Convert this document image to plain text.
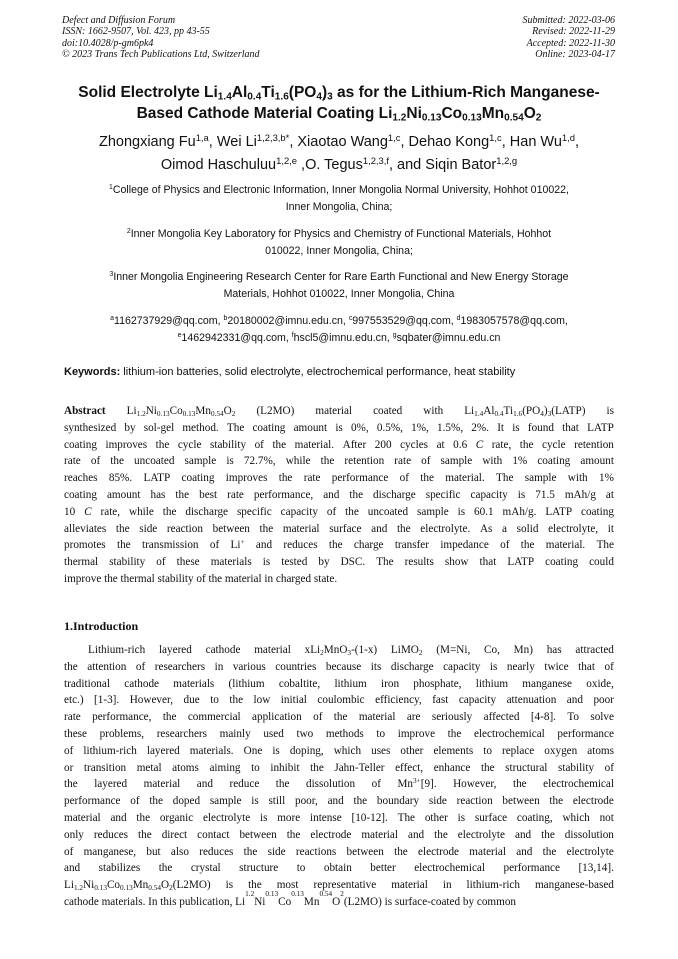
Defect and Diffusion Forum
ISSN: 1662-9507, Vol. 423, pp 43-55
doi:10.4028/p-gm6pk4
© 2023 Trans Tech Publications Ltd, Switzerland
Submitted: 2022-03-06
Revised: 2022-11-29
Accepted: 2022-11-30
Online: 2023-04-17
Solid Electrolyte $Li_{1.4}Al_{0.4}Ti_{1.6}(PO_4)_3$ as for the Lithium-Rich Manganese-
Based Cathode Material Coating $Li_{1.2}Ni_{0.13}Co_{0.13}Mn_{0.54}O_2$
Zhongxiang Fu$^{1,a}$, Wei $Li^{1,2,3,b*}$, Xiaotao Wang$^{1,c}$, Dehao Kong$^{1,c}$, Han Wu$^{1,d}$,
Oimod Haschuluu$^{1,2,e}$ ,O. Tegus$^{1,2,3,f}$, and Siqin Bator$^{1,2,g}$
$^1$College of Physics and Electronic Information, Inner Mongolia Normal University, Hohhot 010022,
Inner Mongolia, China;
$^2$Inner Mongolia Key Laboratory for Physics and Chemistry of Functional Materials, Hohhot
010022, Inner Mongolia, China;
$^3$Inner Mongolia Engineering Research Center for Rare Earth Functional and New Energy Storage
Materials, Hohhot 010022, Inner Mongolia, China
$^a$1162737929@qq.com, $^b$20180002@imnu.edu.cn, $^c$997553529@qq.com, $^d$1983057578@qq.com,
$^e$1462942331@qq.com, $^f$hscl5@imnu.edu.cn, $^g$sqbater@imnu.edu.cn
Keywords: lithium-ion batteries, solid electrolyte, electrochemical performance, heat stability
Abstract $Li_{1.2}Ni_{0.13}Co_{0.13}Mn_{0.54}O_2$ (L2MO) material coated with $Li_{1.4}Al_{0.4}Ti_{1.6}(PO_4)_3(LATP)$ is
synthesized by sol-gel method. The coating amount is 0%, 0.5%, 1%, 1.5%, 2%. It is found that LATP
coating improves the cycle stability of the material. After 200 cycles at 0.6 C rate, the cycle retention
rate of the uncoated sample is 72.7%, while the retention rate of sample with 1% coating amount
reaches 85%. LATP coating improves the rate performance of the material. The sample with 1%
coating amount has the best rate performance, and the discharge specific capacity is 71.5 mAh/g at
10 C rate, while the discharge specific capacity of the uncoated sample is 60.1 mAh/g. LATP coating
alleviates the side reaction between the material surface and the electrolyte. As a solid electrolyte, it
promotes the transmission of Li+ and reduces the charge transfer impedance of the material. The
thermal stability of these materials is tested by DSC. The results show that LATP coating could
improve the thermal stability of the material in charged state.
1.Introduction
Lithium-rich layered cathode material xLi$_2$MnO$_3$-(1-x) LiMO$_2$ (M=Ni, Co, Mn) has attracted
the attention of researchers in various countries because its discharge capacity is nearly twice that of
traditional cathode materials (lithium cobaltite, lithium iron phosphate, lithium manganese oxide,
etc.) [1-3]. However, due to the low initial coulombic efficiency, fast capacity attenuation and poor
rate performance, the commercial application of the material are seriously affected [4-8]. To solve
these problems, researchers mainly used two methods to improve the electrochemical performance
of lithium-rich layered materials. One is doping, which uses other elements to replace oxygen atoms
or transition metal atoms aiming to inhibit the Jahn-Teller effect, enhance the structural stability of
the layered material and reduce the dissolution of $Mn^{3+}[9]$. However, the electrochemical
performance of the doped sample is still poor, and the boundary side reaction between the electrode
material and the organic electrolyte is more intense [10-12]. The other is surface coating, which not
only reduces the direct contact between the electrode material and the electrolyte and the dissolution
of manganese, but also reduces the side reactions between the electrode material and the electrolyte
and stabilizes the crystal structure to obtain better electrochemical performance [13,14].
$Li_{1.2}Ni_{0.13}Co_{0.13}Mn_{0.54}O_2(L2MO)$ is the most representative material in lithium-rich manganese-based
cathode materials. In this publication, Li
1.2
Ni
0.13
Co
0.13
Mn
0.54
O
2
(L2MO) is surface-coated by common
